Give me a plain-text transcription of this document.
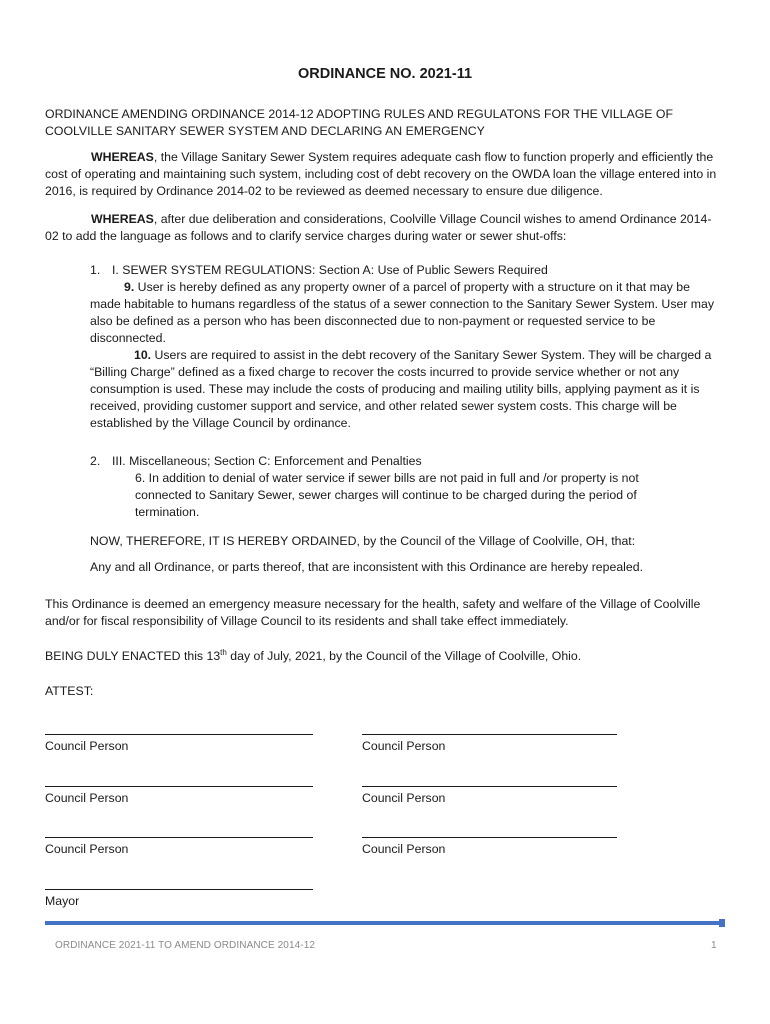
ORDINANCE NO. 2021-11
ORDINANCE AMENDING ORDINANCE 2014-12 ADOPTING RULES AND REGULATONS FOR THE VILLAGE OF COOLVILLE SANITARY SEWER SYSTEM AND DECLARING AN EMERGENCY
WHEREAS, the Village Sanitary Sewer System requires adequate cash flow to function properly and efficiently the cost of operating and maintaining such system, including cost of debt recovery on the OWDA loan the village entered into in 2016, is required by Ordinance 2014-02 to be reviewed as deemed necessary to ensure due diligence.
WHEREAS, after due deliberation and considerations, Coolville Village Council wishes to amend Ordinance 2014-02 to add the language as follows and to clarify service charges during water or sewer shut-offs:
1. I. SEWER SYSTEM REGULATIONS: Section A: Use of Public Sewers Required

9. User is hereby defined as any property owner of a parcel of property with a structure on it that may be made habitable to humans regardless of the status of a sewer connection to the Sanitary Sewer System. User may also be defined as a person who has been disconnected due to non-payment or requested service to be disconnected.

10. Users are required to assist in the debt recovery of the Sanitary Sewer System. They will be charged a “Billing Charge” defined as a fixed charge to recover the costs incurred to provide service whether or not any consumption is used. These may include the costs of producing and mailing utility bills, applying payment as it is received, providing customer support and service, and other related sewer system costs. This charge will be established by the Village Council by ordinance.

2. III. Miscellaneous; Section C: Enforcement and Penalties

6. In addition to denial of water service if sewer bills are not paid in full and /or property is not connected to Sanitary Sewer, sewer charges will continue to be charged during the period of termination.

NOW, THEREFORE, IT IS HEREBY ORDAINED, by the Council of the Village of Coolville, OH, that:
Any and all Ordinance, or parts thereof, that are inconsistent with this Ordinance are hereby repealed.
This Ordinance is deemed an emergency measure necessary for the health, safety and welfare of the Village of Coolville and/or for fiscal responsibility of Village Council to its residents and shall take effect immediately.
BEING DULY ENACTED this 13th day of July, 2021, by the Council of the Village of Coolville, Ohio.
ATTEST:
Council Person	Council Person
Council Person	Council Person
Council Person	Council Person
Mayor
ORDINANCE 2021-11 TO AMEND ORDINANCE 2014-12	1
